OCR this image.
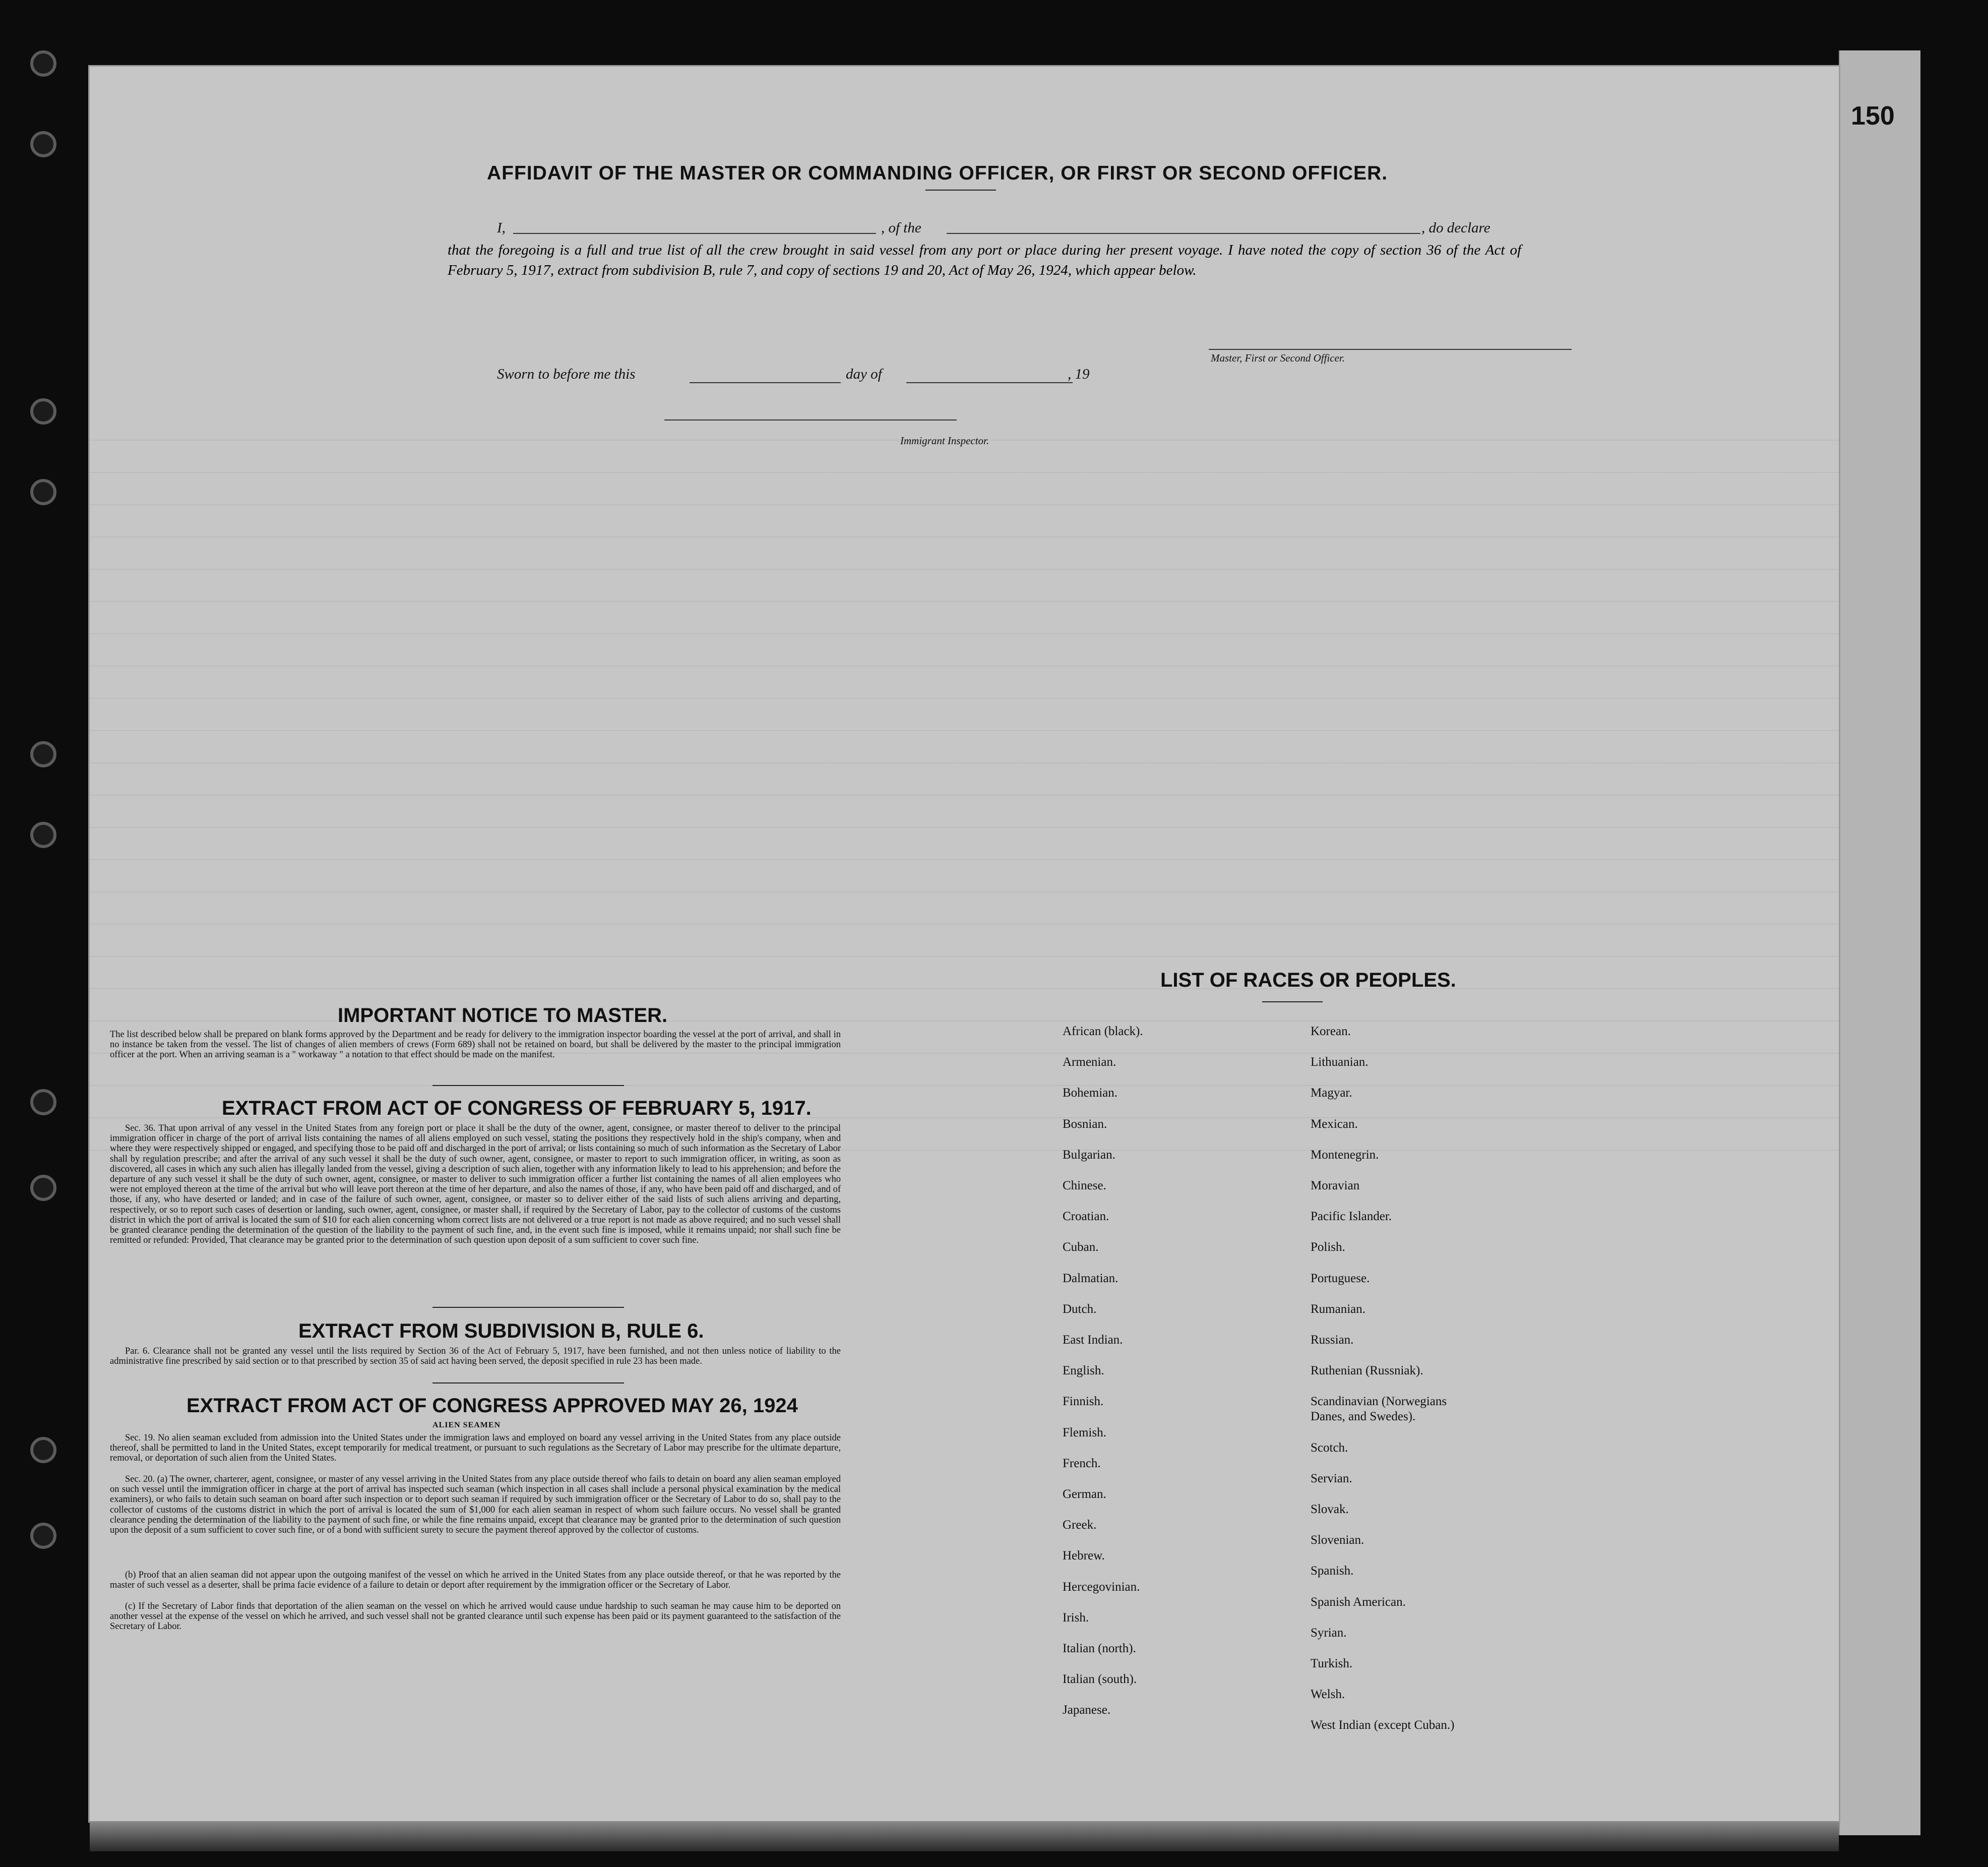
150
AFFIDAVIT OF THE MASTER OR COMMANDING OFFICER, OR FIRST OR SECOND OFFICER.
I,	, of the	, do declare
that the foregoing is a full and true list of all the crew brought in said vessel from any port or place during her present voyage. I have noted the copy of section 36 of the Act of February 5, 1917, extract from subdivision B, rule 7, and copy of sections 19 and 20, Act of May 26, 1924, which appear below.
Master, First or Second Officer.
Sworn to before me this	day of	, 19
Immigrant Inspector.
IMPORTANT NOTICE TO MASTER.
The list described below shall be prepared on blank forms approved by the Department and be ready for delivery to the immigration inspector boarding the vessel at the port of arrival, and shall in no instance be taken from the vessel. The list of changes of alien members of crews (Form 689) shall not be retained on board, but shall be delivered by the master to the principal immigration officer at the port. When an arriving seaman is a " workaway " a notation to that effect should be made on the manifest.
EXTRACT FROM ACT OF CONGRESS OF FEBRUARY 5, 1917.
Sec. 36. That upon arrival of any vessel in the United States from any foreign port or place it shall be the duty of the owner, agent, consignee, or master thereof to deliver to the principal immigration officer in charge of the port of arrival lists containing the names of all aliens employed on such vessel, stating the positions they respectively hold in the ship's company, when and where they were respectively shipped or engaged, and specifying those to be paid off and discharged in the port of arrival; or lists containing so much of such information as the Secretary of Labor shall by regulation prescribe; and after the arrival of any such vessel it shall be the duty of such owner, agent, consignee, or master to report to such immigration officer, in writing, as soon as discovered, all cases in which any such alien has illegally landed from the vessel, giving a description of such alien, together with any information likely to lead to his apprehension; and before the departure of any such vessel it shall be the duty of such owner, agent, consignee, or master to deliver to such immigration officer a further list containing the names of all alien employees who were not employed thereon at the time of the arrival but who will leave port thereon at the time of her departure, and also the names of those, if any, who have been paid off and discharged, and of those, if any, who have deserted or landed; and in case of the failure of such owner, agent, consignee, or master so to deliver either of the said lists of such aliens arriving and departing, respectively, or so to report such cases of desertion or landing, such owner, agent, consignee, or master shall, if required by the Secretary of Labor, pay to the collector of customs of the customs district in which the port of arrival is located the sum of $10 for each alien concerning whom correct lists are not delivered or a true report is not made as above required; and no such vessel shall be granted clearance pending the determination of the question of the liability to the payment of such fine, and, in the event such fine is imposed, while it remains unpaid; nor shall such fine be remitted or refunded: Provided, That clearance may be granted prior to the determination of such question upon deposit of a sum sufficient to cover such fine.
EXTRACT FROM SUBDIVISION B, RULE 6.
Par. 6. Clearance shall not be granted any vessel until the lists required by Section 36 of the Act of February 5, 1917, have been furnished, and not then unless notice of liability to the administrative fine prescribed by said section or to that prescribed by section 35 of said act having been served, the deposit specified in rule 23 has been made.
EXTRACT FROM ACT OF CONGRESS APPROVED MAY 26, 1924
ALIEN SEAMEN
Sec. 19. No alien seaman excluded from admission into the United States under the immigration laws and employed on board any vessel arriving in the United States from any place outside thereof, shall be permitted to land in the United States, except temporarily for medical treatment, or pursuant to such regulations as the Secretary of Labor may prescribe for the ultimate departure, removal, or deportation of such alien from the United States.
Sec. 20. (a) The owner, charterer, agent, consignee, or master of any vessel arriving in the United States from any place outside thereof who fails to detain on board any alien seaman employed on such vessel until the immigration officer in charge at the port of arrival has inspected such seaman (which inspection in all cases shall include a personal physical examination by the medical examiners), or who fails to detain such seaman on board after such inspection or to deport such seaman if required by such immigration officer or the Secretary of Labor to do so, shall pay to the collector of customs of the customs district in which the port of arrival is located the sum of $1,000 for each alien seaman in respect of whom such failure occurs. No vessel shall be granted clearance pending the determination of the liability to the payment of such fine, or while the fine remains unpaid, except that clearance may be granted prior to the determination of such question upon the deposit of a sum sufficient to cover such fine, or of a bond with sufficient surety to secure the payment thereof approved by the collector of customs.
(b) Proof that an alien seaman did not appear upon the outgoing manifest of the vessel on which he arrived in the United States from any place outside thereof, or that he was reported by the master of such vessel as a deserter, shall be prima facie evidence of a failure to detain or deport after requirement by the immigration officer or the Secretary of Labor.
(c) If the Secretary of Labor finds that deportation of the alien seaman on the vessel on which he arrived would cause undue hardship to such seaman he may cause him to be deported on another vessel at the expense of the vessel on which he arrived, and such vessel shall not be granted clearance until such expense has been paid or its payment guaranteed to the satisfaction of the Secretary of Labor.
LIST OF RACES OR PEOPLES.
African (black).
Armenian.
Bohemian.
Bosnian.
Bulgarian.
Chinese.
Croatian.
Cuban.
Dalmatian.
Dutch.
East Indian.
English.
Finnish.
Flemish.
French.
German.
Greek.
Hebrew.
Hercegovinian.
Irish.
Italian (north).
Italian (south).
Japanese.
Korean.
Lithuanian.
Magyar.
Mexican.
Montenegrin.
Moravian
Pacific Islander.
Polish.
Portuguese.
Rumanian.
Russian.
Ruthenian (Russniak).
Scandinavian (Norwegians
Danes, and Swedes).
Scotch.
Servian.
Slovak.
Slovenian.
Spanish.
Spanish American.
Syrian.
Turkish.
Welsh.
West Indian (except Cuban.)
